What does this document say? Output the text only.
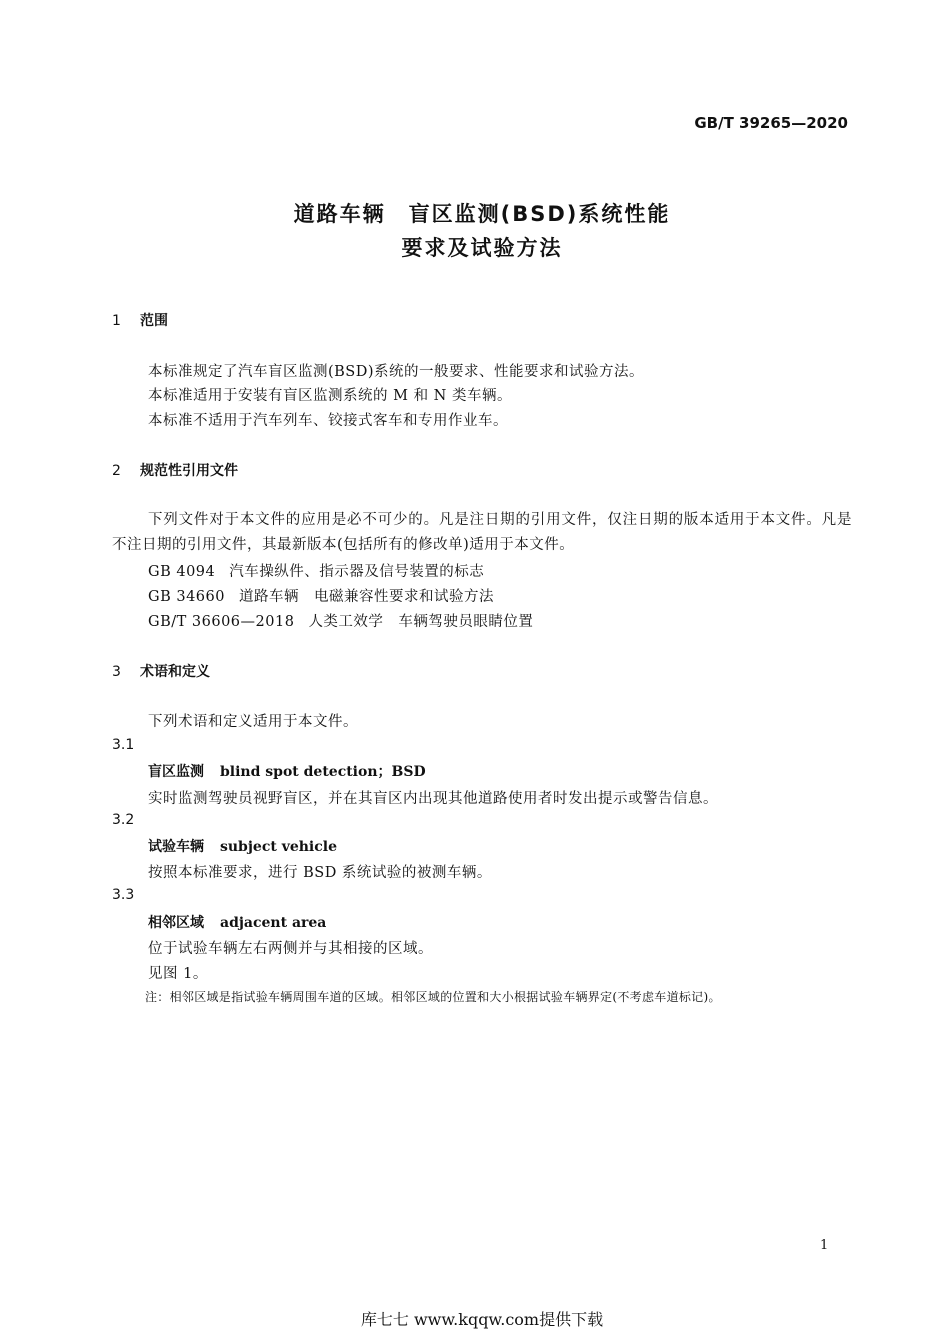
GB/T 39265—2020
道路车辆　盲区监测(BSD)系统性能
要求及试验方法
1 范围
本标准规定了汽车盲区监测(BSD)系统的一般要求、性能要求和试验方法。
本标准适用于安装有盲区监测系统的 M 和 N 类车辆。
本标准不适用于汽车列车、铰接式客车和专用作业车。
2 规范性引用文件
下列文件对于本文件的应用是必不可少的。凡是注日期的引用文件，仅注日期的版本适用于本文件。凡是不注日期的引用文件，其最新版本(包括所有的修改单)适用于本文件。
GB 4094 汽车操纵件、指示器及信号装置的标志
GB 34660 道路车辆　电磁兼容性要求和试验方法
GB/T 36606—2018 人类工效学　车辆驾驶员眼睛位置
3 术语和定义
下列术语和定义适用于本文件。
3.1
盲区监测 blind spot detection；BSD
实时监测驾驶员视野盲区，并在其盲区内出现其他道路使用者时发出提示或警告信息。
3.2
试验车辆 subject vehicle
按照本标准要求，进行 BSD 系统试验的被测车辆。
3.3
相邻区域 adjacent area
位于试验车辆左右两侧并与其相接的区域。
见图 1。
注：相邻区域是指试验车辆周围车道的区域。相邻区域的位置和大小根据试验车辆界定(不考虑车道标记)。
1
库七七 www.kqqw.com提供下载
